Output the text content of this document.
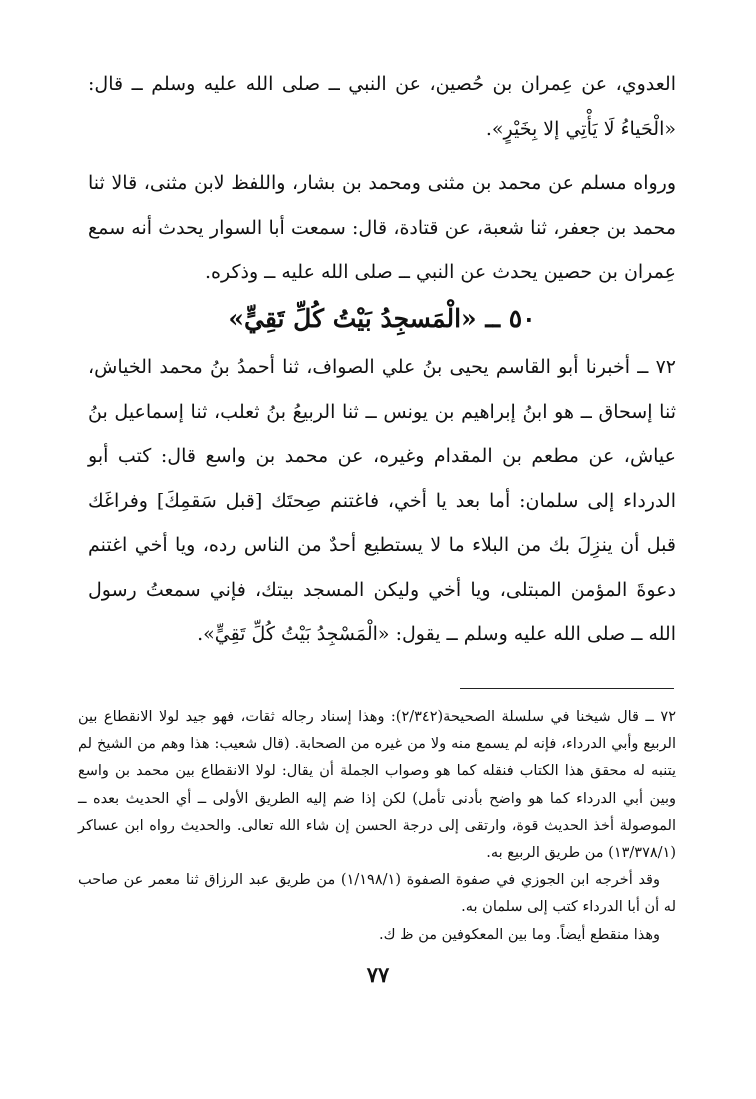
العدوي، عن عِمران بن حُصين، عن النبي ــ صلى الله عليه وسلم ــ قال: «الْحَياءُ لَا يَأْتِي إلا بِخَيْرٍ».

ورواه مسلم عن محمد بن مثنى ومحمد بن بشار، واللفظ لابن مثنى، قالا ثنا محمد بن جعفر، ثنا شعبة، عن قتادة، قال: سمعت أبا السوار يحدث أنه سمع عِمران بن حصين يحدث عن النبي ــ صلى الله عليه ــ وذكره.

٥٠ ــ «الْمَسجِدُ بَيْتُ كُلِّ تَقِيٍّ»

٧٢ ــ أخبرنا أبو القاسم يحيى بنُ علي الصواف، ثنا أحمدُ بنُ محمد الخياش، ثنا إسحاق ــ هو ابنُ إبراهيم بن يونس ــ ثنا الربيعُ بنُ ثعلب، ثنا إسماعيل بنُ عياش، عن مطعم بن المقدام وغيره، عن محمد بن واسع قال: كتب أبو الدرداء إلى سلمان: أما بعد يا أخي، فاغتنم صِحتَك [قبل سَقمِكَ] وفراغَك قبل أن ينزِلَ بك من البلاء ما لا يستطيع أحدٌ من الناس رده، ويا أخي اغتنم دعوةَ المؤمن المبتلى، ويا أخي وليكن المسجد بيتك، فإني سمعتُ رسول الله ــ صلى الله عليه وسلم ــ يقول: «الْمَسْجِدُ بَيْتُ كُلِّ تَقِيٍّ».

٧٢ ــ قال شيخنا في سلسلة الصحيحة(٢/٣٤٢): وهذا إسناد رجاله ثقات، فهو جيد لولا الانقطاع بين الربيع وأبي الدرداء، فإنه لم يسمع منه ولا من غيره من الصحابة. (قال شعيب: هذا وهم من الشيخ لم يتنبه له محقق هذا الكتاب فنقله كما هو وصواب الجملة أن يقال: لولا الانقطاع بين محمد بن واسع وبين أبي الدرداء كما هو واضح بأدنى تأمل) لكن إذا ضم إليه الطريق الأولى ــ أي الحديث بعده ــ الموصولة أخذ الحديث قوة، وارتقى إلى درجة الحسن إن شاء الله تعالى. والحديث رواه ابن عساكر (١٣/٣٧٨/١) من طريق الربيع به.

وقد أخرجه ابن الجوزي في صفوة الصفوة (١/١٩٨/١) من طريق عبد الرزاق ثنا معمر عن صاحب له أن أبا الدرداء كتب إلى سلمان به.

وهذا منقطع أيضاً. وما بين المعكوفين من ظ ك.

٧٧
